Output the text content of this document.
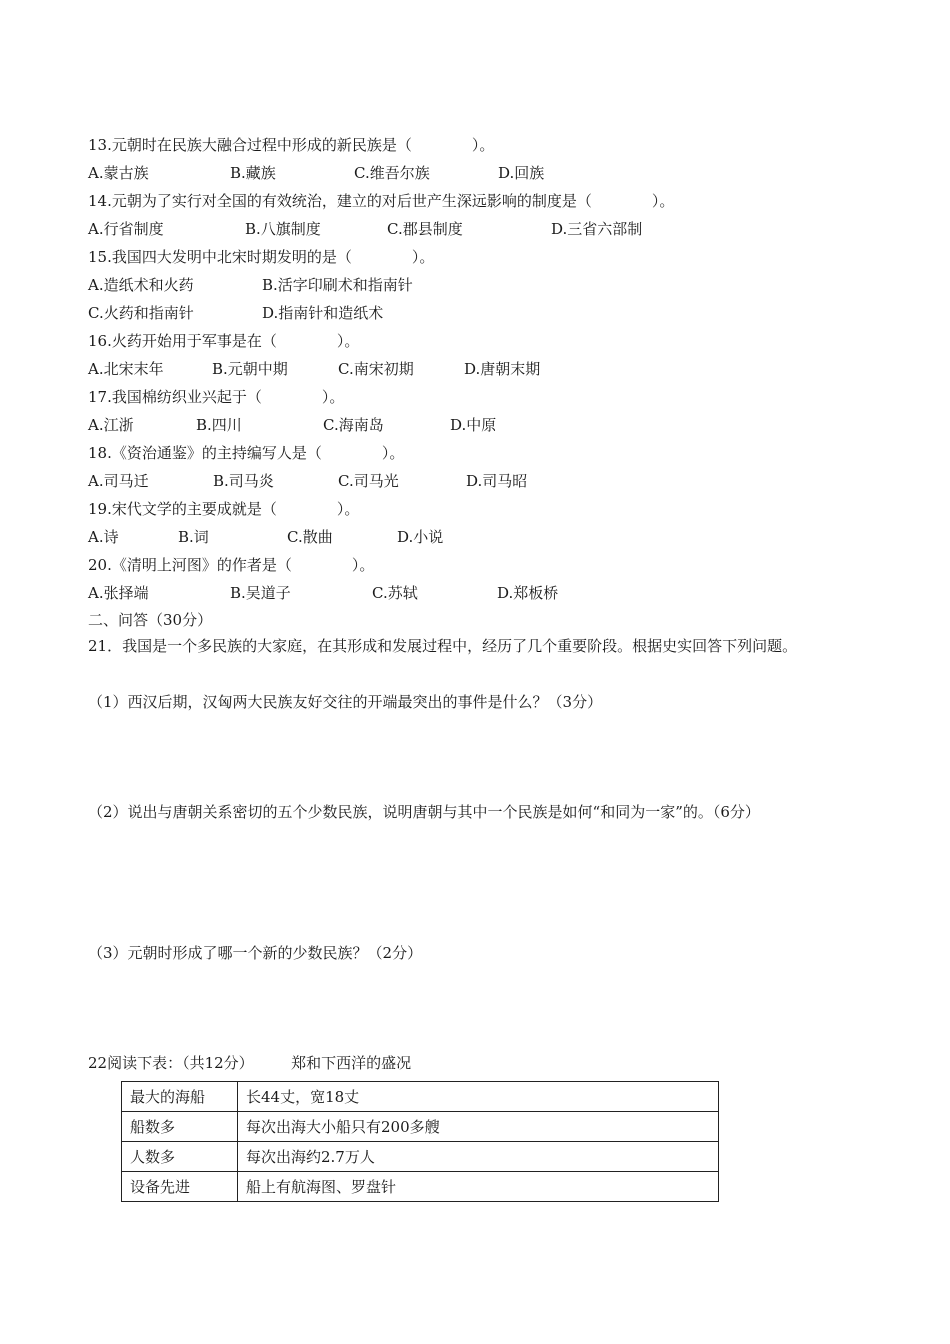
13.元朝时在民族大融合过程中形成的新民族是（　　　　）。
A.蒙古族	B.藏族	C.维吾尔族	D.回族
14.元朝为了实行对全国的有效统治，建立的对后世产生深远影响的制度是（　　　　）。
A.行省制度	B.八旗制度	C.郡县制度	D.三省六部制
15.我国四大发明中北宋时期发明的是（　　　　）。
A.造纸术和火药	B.活字印刷术和指南针
C.火药和指南针	D.指南针和造纸术
16.火药开始用于军事是在（　　　　）。
A.北宋末年	B.元朝中期	C.南宋初期	D.唐朝末期
17.我国棉纺织业兴起于（　　　　）。
A.江浙	B.四川	C.海南岛	D.中原
18.《资治通鉴》的主持编写人是（　　　　）。
A.司马迁	B.司马炎	C.司马光	D.司马昭
19.宋代文学的主要成就是（　　　　）。
A.诗	B.词	C.散曲	D.小说
20.《清明上河图》的作者是（　　　　）。
A.张择端	B.吴道子	C.苏轼	D.郑板桥
二、问答（30分）
21．我国是一个多民族的大家庭，在其形成和发展过程中，经历了几个重要阶段。根据史实回答下列问题。
（1）西汉后期，汉匈两大民族友好交往的开端最突出的事件是什么？（3分）
（2）说出与唐朝关系密切的五个少数民族，说明唐朝与其中一个民族是如何“和同为一家”的。（6分）
（3）元朝时形成了哪一个新的少数民族？（2分）
22阅读下表：（共12分）　　　郑和下西洋的盛况
最大的海船	长44丈，宽18丈
船数多	每次出海大小船只有200多艘
人数多	每次出海约2.7万人
设备先进	船上有航海图、罗盘针
